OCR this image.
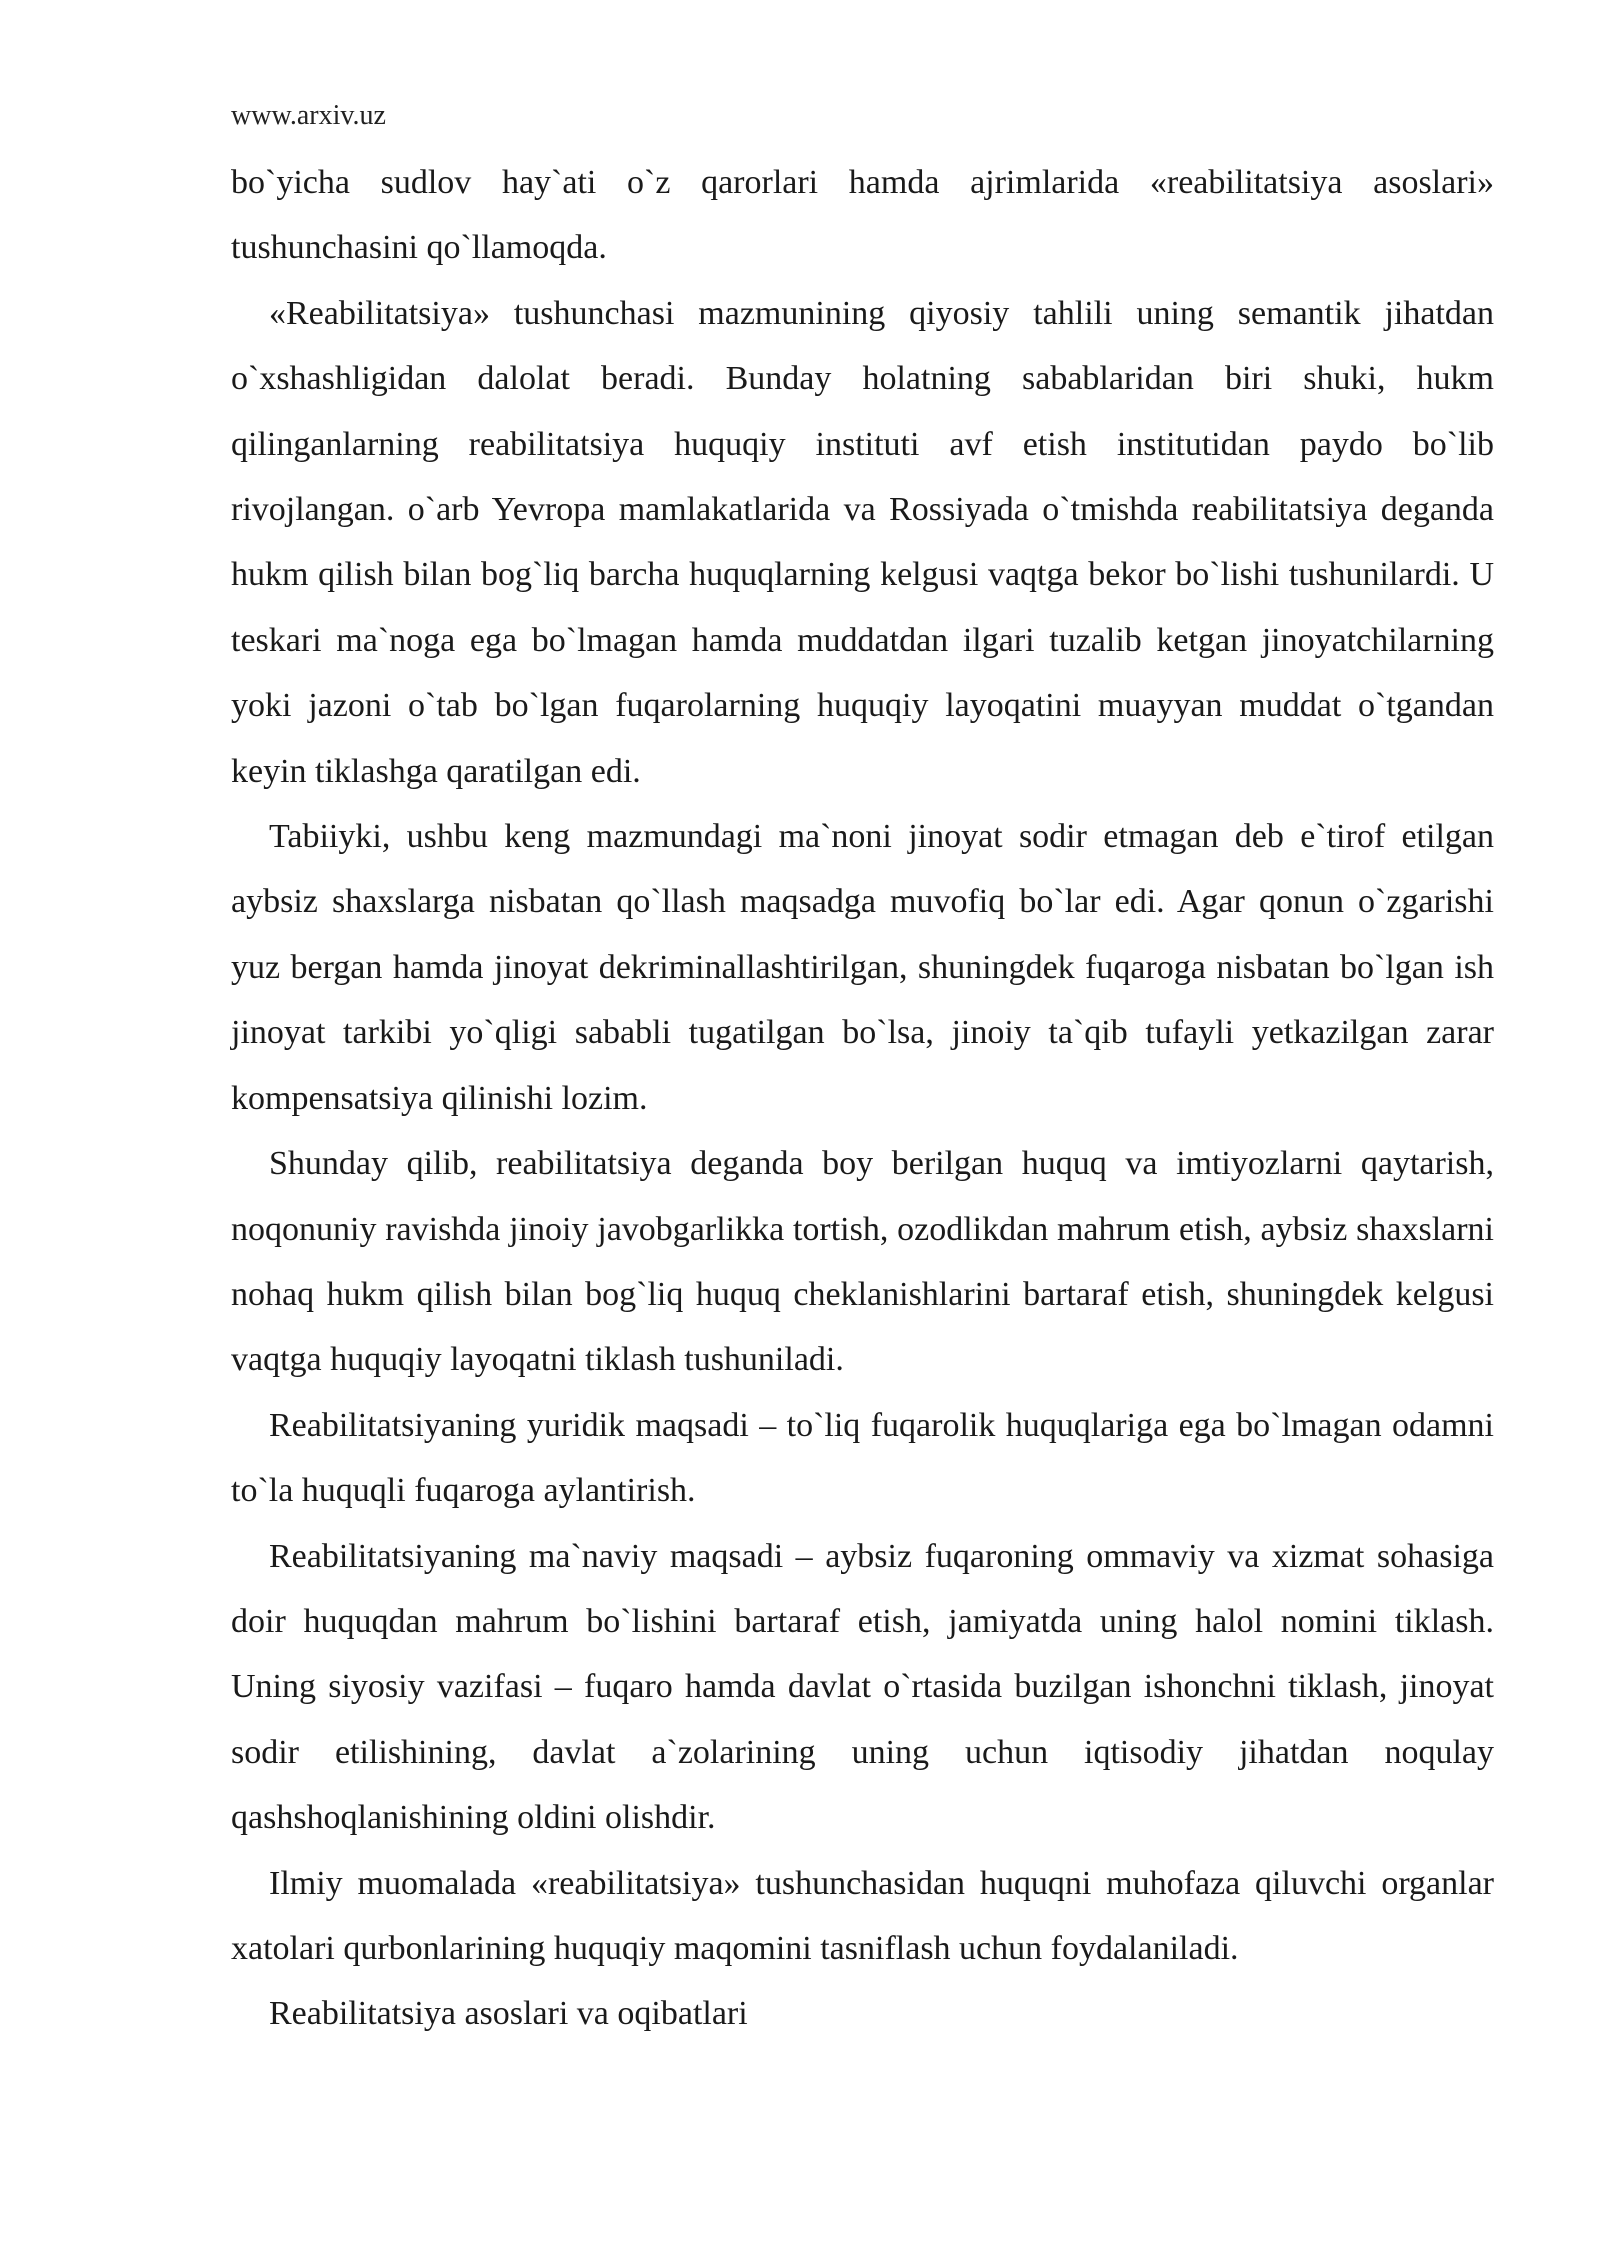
www.arxiv.uz

bo`yicha sudlov hay`ati o`z qarorlari hamda ajrimlarida «reabilitatsiya asoslari» tushunchasini qo`llamoqda.

«Reabilitatsiya» tushunchasi mazmunining qiyosiy tahlili uning semantik jihatdan o`xshashligidan dalolat beradi. Bunday holatning sabablaridan biri shuki, hukm qilinganlarning reabilitatsiya huquqiy instituti avf etish institutidan paydo bo`lib rivojlangan. o`arb Yevropa mamlakatlarida va Rossiyada o`tmishda reabilitatsiya deganda hukm qilish bilan bog`liq barcha huquqlarning kelgusi vaqtga bekor bo`lishi tushunilardi. U teskari ma`noga ega bo`lmagan hamda muddatdan ilgari tuzalib ketgan jinoyatchilarning yoki jazoni o`tab bo`lgan fuqarolarning huquqiy layoqatini muayyan muddat o`tgandan keyin tiklashga qaratilgan edi.

Tabiiyki, ushbu keng mazmundagi ma`noni jinoyat sodir etmagan deb e`tirof etilgan aybsiz shaxslarga nisbatan qo`llash maqsadga muvofiq bo`lar edi. Agar qonun o`zgarishi yuz bergan hamda jinoyat dekriminallashtirilgan, shuningdek fuqaroga nisbatan bo`lgan ish jinoyat tarkibi yo`qligi sababli tugatilgan bo`lsa, jinoiy ta`qib tufayli yetkazilgan zarar kompensatsiya qilinishi lozim.

Shunday qilib, reabilitatsiya deganda boy berilgan huquq va imtiyozlarni qaytarish, noqonuniy ravishda jinoiy javobgarlikka tortish, ozodlikdan mahrum etish, aybsiz shaxslarni nohaq hukm qilish bilan bog`liq huquq cheklanishlarini bartaraf etish, shuningdek kelgusi vaqtga huquqiy layoqatni tiklash tushuniladi.

Reabilitatsiyaning yuridik maqsadi – to`liq fuqarolik huquqlariga ega bo`lmagan odamni to`la huquqli fuqaroga aylantirish.

Reabilitatsiyaning ma`naviy maqsadi – aybsiz fuqaroning ommaviy va xizmat sohasiga doir huquqdan mahrum bo`lishini bartaraf etish, jamiyatda uning halol nomini tiklash. Uning siyosiy vazifasi – fuqaro hamda davlat o`rtasida buzilgan ishonchni tiklash, jinoyat sodir etilishining, davlat a`zolarining uning uchun iqtisodiy jihatdan noqulay qashshoqlanishining oldini olishdir.

Ilmiy muomalada «reabilitatsiya» tushunchasidan huquqni muhofaza qiluvchi organlar xatolari qurbonlarining huquqiy maqomini tasniflash uchun foydalaniladi.

Reabilitatsiya asoslari va oqibatlari
